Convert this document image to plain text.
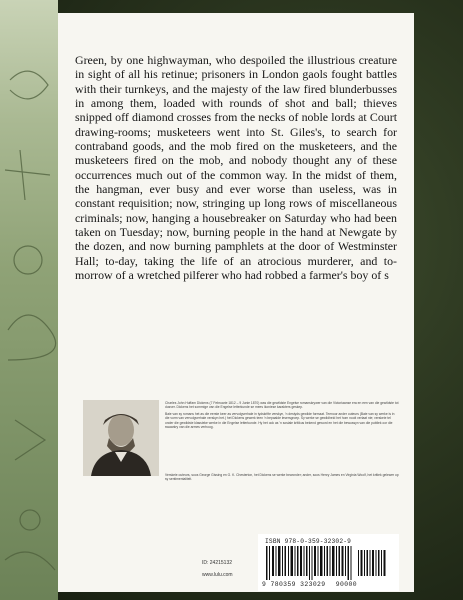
Green, by one highwayman, who despoiled the illustrious creature in sight of all his retinue; prisoners in London gaols fought battles with their turnkeys, and the majesty of the law fired blunderbusses in among them, loaded with rounds of shot and ball; thieves snipped off diamond crosses from the necks of noble lords at Court drawing-rooms; musketeers went into St. Giles's, to search for contraband goods, and the mob fired on the musketeers, and the musketeers fired on the mob, and nobody thought any of these occurrences much out of the common way. In the midst of them, the hangman, ever busy and ever worse than useless, was in constant requisition; now, stringing up long rows of miscellaneous criminals; now, hanging a housebreaker on Saturday who had been taken on Tuesday; now, burning people in the hand at Newgate by the dozen, and now burning pamphlets at the door of Westminster Hall; to-day, taking the life of an atrocious murderer, and to-morrow of a wretched pilferer who had robbed a farmer's boy of s

Charles John Huffam Dickens (7 Februarie 1812 – 9 Junie 1870) was die gewildste Engelse romanskrywer van die Victoriaanse era en een van die gewildste tot dusver. Dickens het sommige van die Engelse letterkunde se mees ikoniese karakters geskep.

Baie van sy romans het as die eerste keer as vervolgverhale in tydskrifte verskyn, 'n destyds gewilde formaat. Teenoor ander outeurs (Baie van sy werke is in die vorm van vervolgverhale verskyn het.) het Dickens gewerk teen 'n bepaalde lesersgroep. Sy werke se gewildheid het hom nooit verlaat nie; verskeie tel onder die gewildste klassieke werke in die Engelse letterkunde. Hy het ook as 'n sosiale kritikus bekend geword en het die bewussyn van die publiek oor die swaarkry van die armes verhoog.

Verskeie outeurs, soos George Gissing en G. K. Chesterton, het Dickens se werke bewonder; ander, soos Henry James en Virginia Woolf, het kritiek gelewer op sy sentimentaliteit.

ID: 24215132
www.lulu.com
ISBN 978-0-359-32302-9
9 780359 323029 90000
